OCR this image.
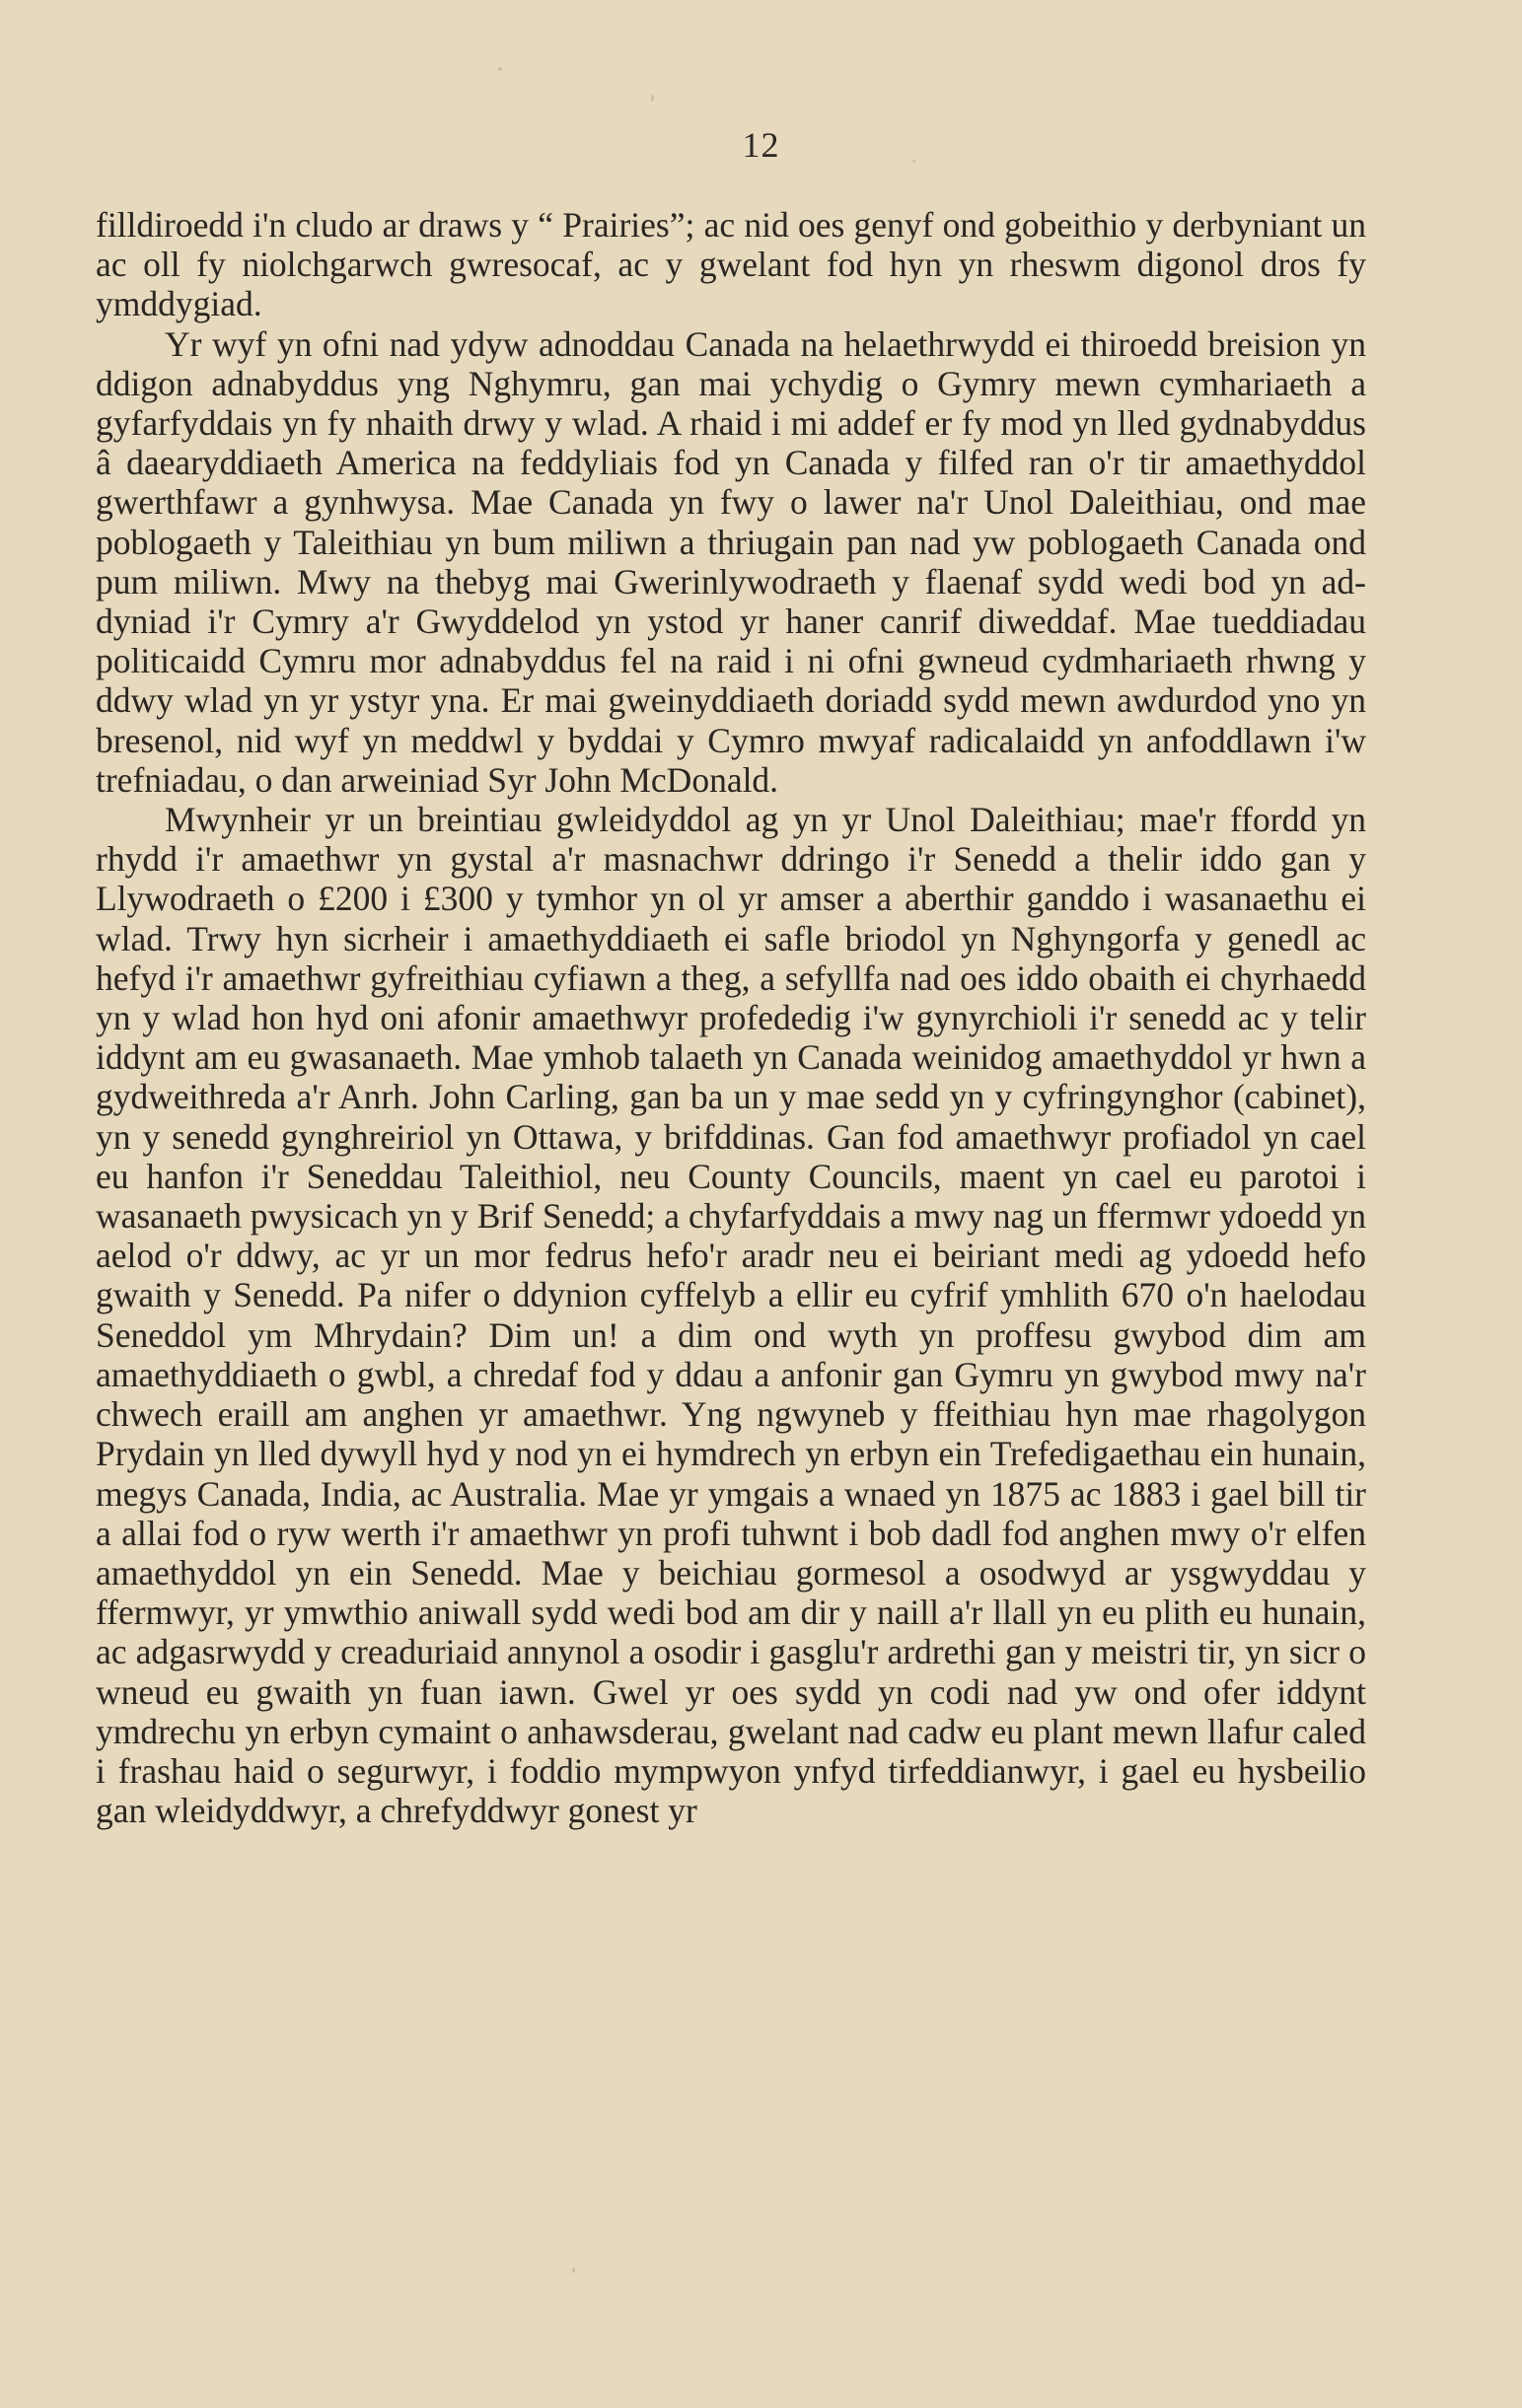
12

filldiroedd i'n cludo ar draws y “ Prairies”; ac nid oes genyf ond gobeithio y derbyniant un ac oll fy niolchgarwch gwresocaf, ac y gwelant fod hyn yn rheswm digonol dros fy ymddygiad.

Yr wyf yn ofni nad ydyw adnoddau Canada na helaethrwydd ei thiroedd breision yn ddigon adnabyddus yng Nghymru, gan mai ychydig o Gymry mewn cymhariaeth a gyfarfyddais yn fy nhaith drwy y wlad. A rhaid i mi addef er fy mod yn lled gydnabyddus â daearyddiaeth America na feddyliais fod yn Canada y filfed ran o'r tir amaethyddol gwerthfawr a gynhwysa. Mae Canada yn fwy o lawer na'r Unol Daleithiau, ond mae poblogaeth y Taleithiau yn bum miliwn a thriugain pan nad yw poblogaeth Canada ond pum miliwn. Mwy na thebyg mai Gwerinlywodraeth y flaenaf sydd wedi bod yn ad-dyniad i'r Cymry a'r Gwyddelod yn ystod yr haner canrif diweddaf. Mae tueddiadau politicaidd Cymru mor adnabyddus fel na raid i ni ofni gwneud cydmhariaeth rhwng y ddwy wlad yn yr ystyr yna. Er mai gweinyddiaeth doriadd sydd mewn awdurdod yno yn bresenol, nid wyf yn meddwl y byddai y Cymro mwyaf radicalaidd yn anfoddlawn i'w trefniadau, o dan arweiniad Syr John McDonald.

Mwynheir yr un breintiau gwleidyddol ag yn yr Unol Daleithiau; mae'r ffordd yn rhydd i'r amaethwr yn gystal a'r masnachwr ddringo i'r Senedd a thelir iddo gan y Llywodraeth o £200 i £300 y tymhor yn ol yr amser a aberthir ganddo i wasanaethu ei wlad. Trwy hyn sicrheir i amaethyddiaeth ei safle briodol yn Nghyngorfa y genedl ac hefyd i'r amaethwr gyfreithiau cyfiawn a theg, a sefyllfa nad oes iddo obaith ei chyrhaedd yn y wlad hon hyd oni afonir amaethwyr profededig i'w gynyrchioli i'r senedd ac y telir iddynt am eu gwasanaeth. Mae ymhob talaeth yn Canada weinidog amaethyddol yr hwn a gydweithreda a'r Anrh. John Carling, gan ba un y mae sedd yn y cyfringynghor (cabinet), yn y senedd gynghreiriol yn Ottawa, y brifddinas. Gan fod amaethwyr profiadol yn cael eu hanfon i'r Seneddau Taleithiol, neu County Councils, maent yn cael eu parotoi i wasanaeth pwysicach yn y Brif Senedd; a chyfarfyddais a mwy nag un ffermwr ydoedd yn aelod o'r ddwy, ac yr un mor fedrus hefo'r aradr neu ei beiriant medi ag ydoedd hefo gwaith y Senedd. Pa nifer o ddynion cyffelyb a ellir eu cyfrif ymhlith 670 o'n haelodau Seneddol ym Mhrydain? Dim un! a dim ond wyth yn proffesu gwybod dim am amaethyddiaeth o gwbl, a chredaf fod y ddau a anfonir gan Gymru yn gwybod mwy na'r chwech eraill am anghen yr amaethwr. Yng ngwyneb y ffeithiau hyn mae rhagolygon Prydain yn lled dywyll hyd y nod yn ei hymdrech yn erbyn ein Trefedigaethau ein hunain, megys Canada, India, ac Australia. Mae yr ymgais a wnaed yn 1875 ac 1883 i gael bill tir a allai fod o ryw werth i'r amaethwr yn profi tuhwnt i bob dadl fod anghen mwy o'r elfen amaethyddol yn ein Senedd. Mae y beichiau gormesol a osodwyd ar ysgwyddau y ffermwyr, yr ymwthio aniwall sydd wedi bod am dir y naill a'r llall yn eu plith eu hunain, ac adgasrwydd y creaduriaid annynol a osodir i gasglu'r ardrethi gan y meistri tir, yn sicr o wneud eu gwaith yn fuan iawn. Gwel yr oes sydd yn codi nad yw ond ofer iddynt ymdrechu yn erbyn cymaint o anhawsderau, gwelant nad cadw eu plant mewn llafur caled i frashau haid o segurwyr, i foddio mympwyon ynfyd tirfeddianwyr, i gael eu hysbeilio gan wleidyddwyr, a chrefyddwyr gonest yr
